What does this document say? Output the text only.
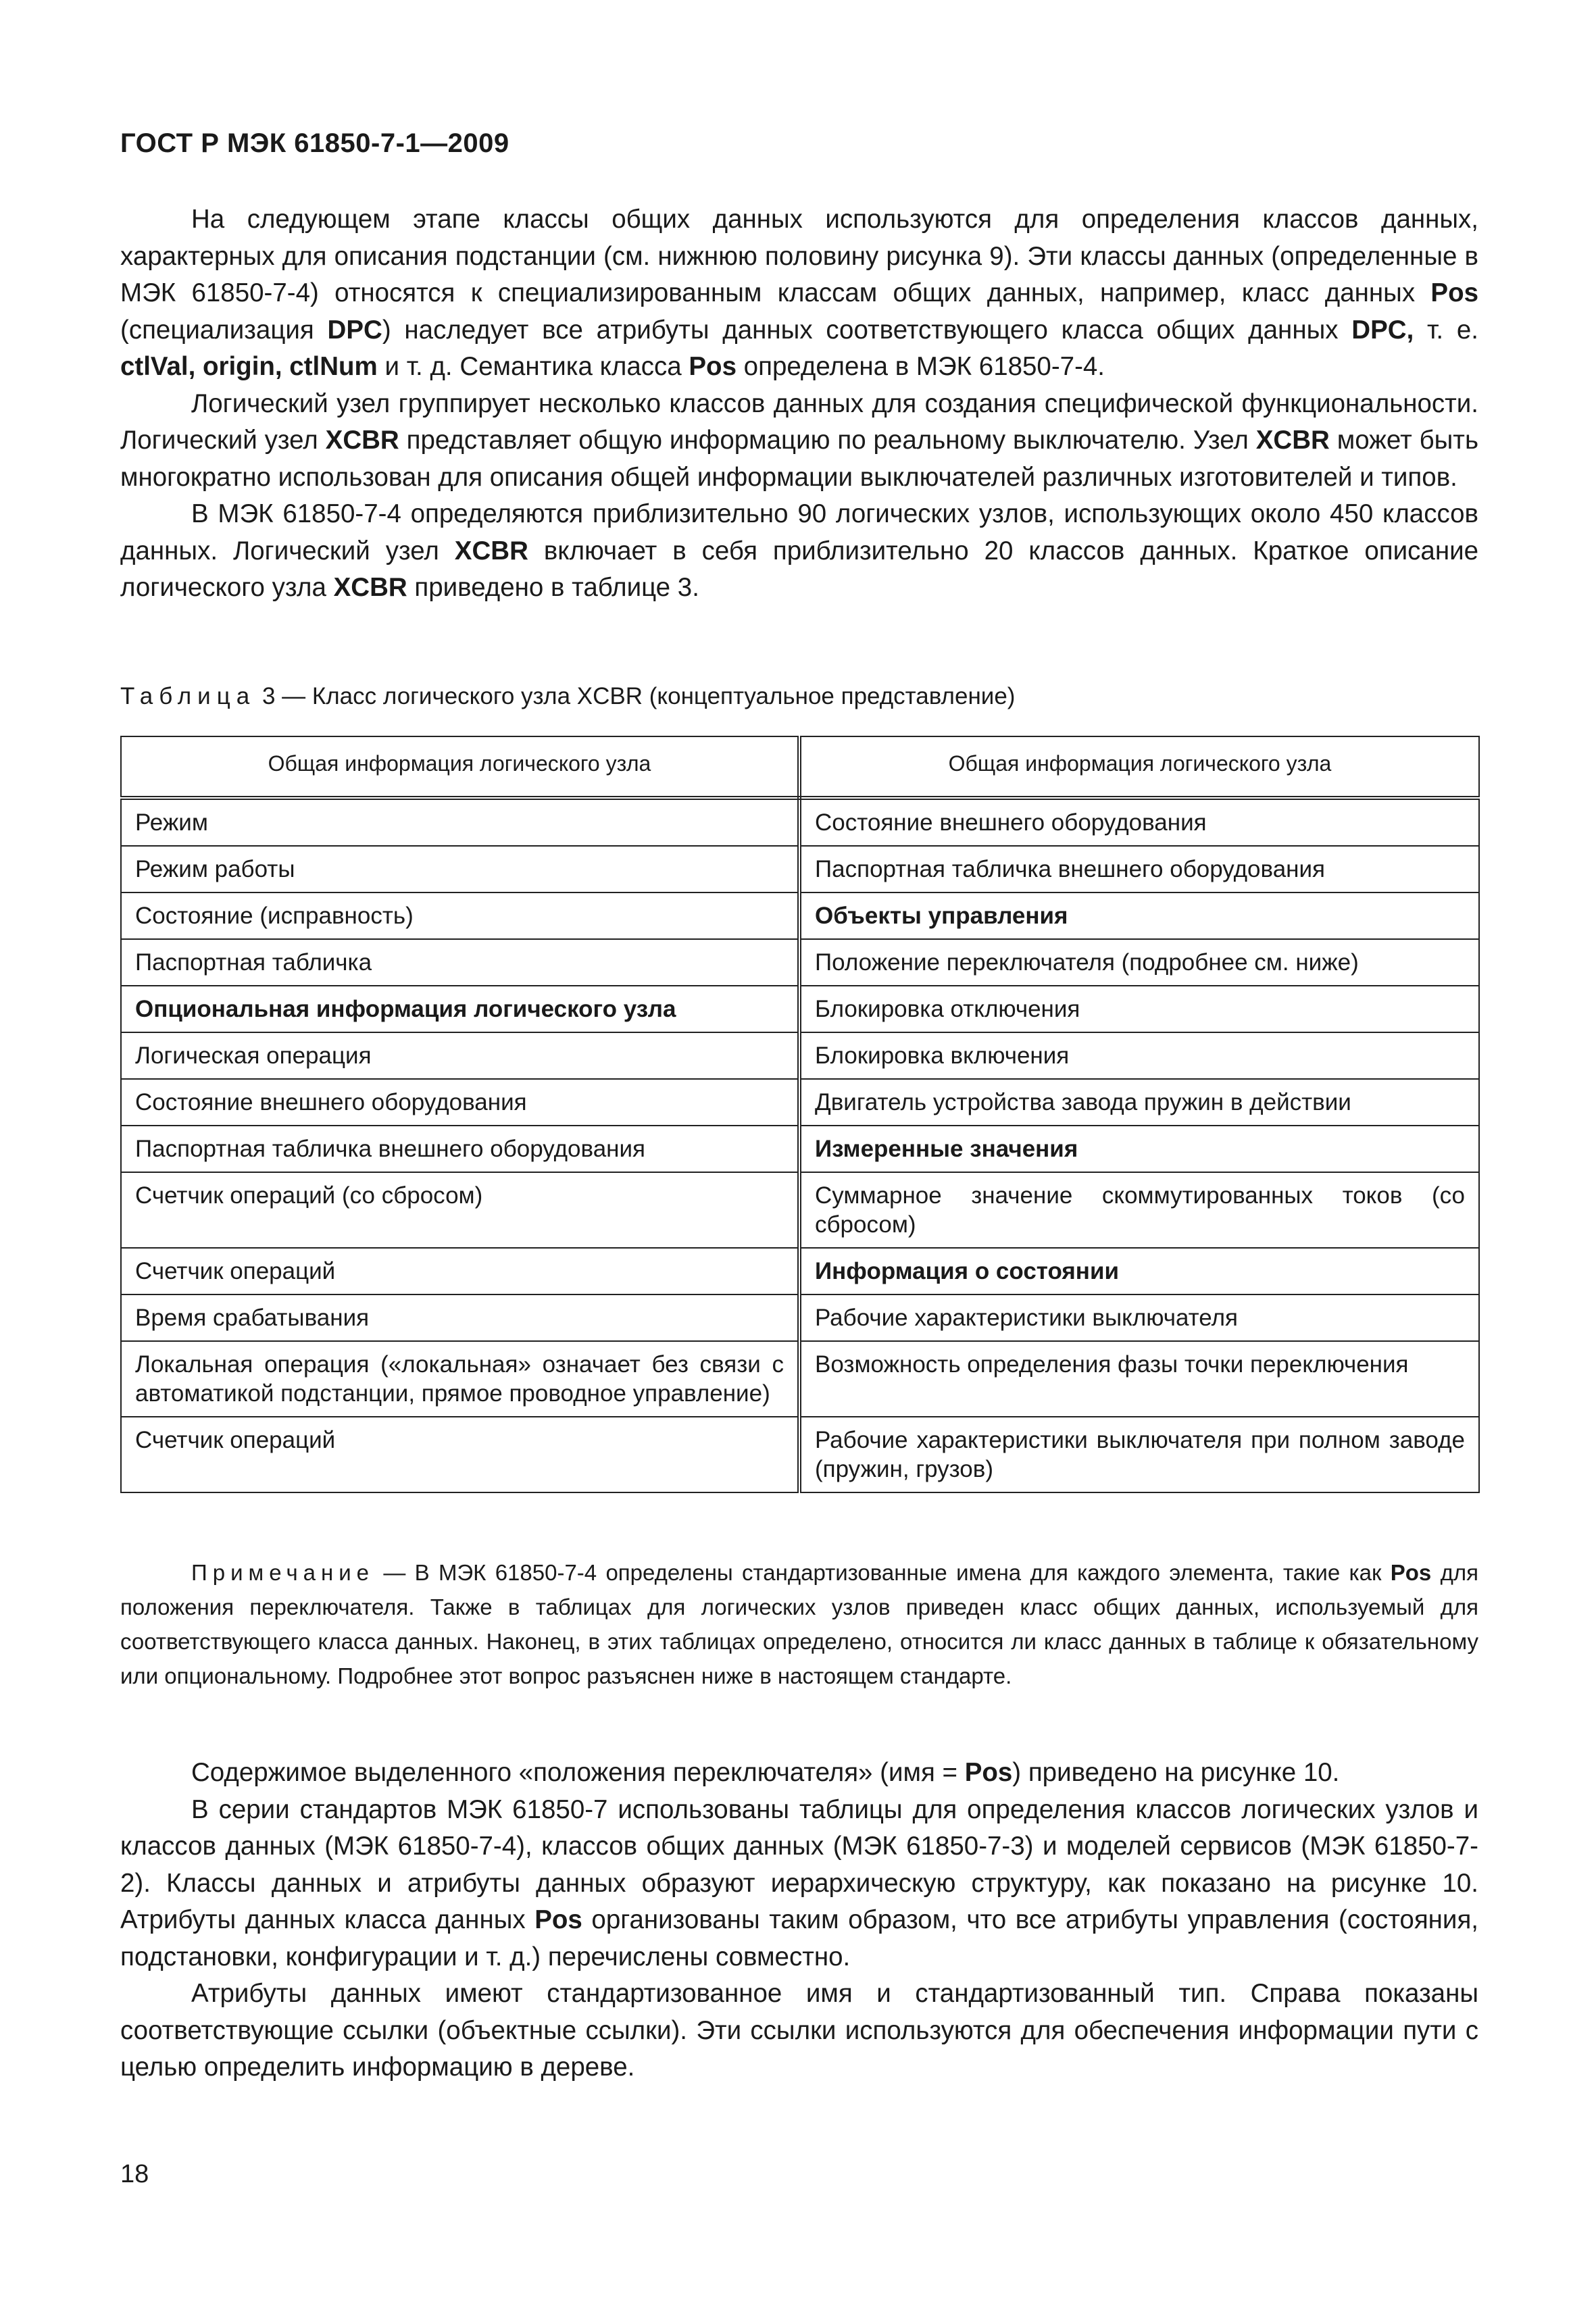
ГОСТ Р МЭК 61850-7-1—2009

На следующем этапе классы общих данных используются для определения классов данных, характерных для описания подстанции (см. нижнюю половину рисунка 9). Эти классы данных (определенные в МЭК 61850-7-4) относятся к специализированным классам общих данных, например, класс данных Pos (специализация DPC) наследует все атрибуты данных соответствующего класса общих данных DPC, т. е. ctlVal, origin, ctlNum и т. д. Семантика класса Pos определена в МЭК 61850-7-4.

Логический узел группирует несколько классов данных для создания специфической функциональности. Логический узел XCBR представляет общую информацию по реальному выключателю. Узел XCBR может быть многократно использован для описания общей информации выключателей различных изготовителей и типов.

В МЭК 61850-7-4 определяются приблизительно 90 логических узлов, использующих около 450 классов данных. Логический узел XCBR включает в себя приблизительно 20 классов данных. Краткое описание логического узла XCBR приведено в таблице 3.

Таблица 3 — Класс логического узла XCBR (концептуальное представление)
Общая информация логического узла	Общая информация логического узла
Режим	Состояние внешнего оборудования
Режим работы	Паспортная табличка внешнего оборудования
Состояние (исправность)	Объекты управления
Паспортная табличка	Положение переключателя (подробнее см. ниже)
Опциональная информация логического узла	Блокировка отключения
Логическая операция	Блокировка включения
Состояние внешнего оборудования	Двигатель устройства завода пружин в действии
Паспортная табличка внешнего оборудования	Измеренные значения
Счетчик операций (со сбросом)	Суммарное значение скоммутированных токов (со сбросом)
Счетчик операций	Информация о состоянии
Время срабатывания	Рабочие характеристики выключателя
Локальная операция («локальная» означает без связи с автоматикой подстанции, прямое проводное управление)	Возможность определения фазы точки переключения
Счетчик операций	Рабочие характеристики выключателя при полном заводе (пружин, грузов)

Примечание — В МЭК 61850-7-4 определены стандартизованные имена для каждого элемента, такие как Pos для положения переключателя. Также в таблицах для логических узлов приведен класс общих данных, используемый для соответствующего класса данных. Наконец, в этих таблицах определено, относится ли класс данных в таблице к обязательному или опциональному. Подробнее этот вопрос разъяснен ниже в настоящем стандарте.

Содержимое выделенного «положения переключателя» (имя = Pos) приведено на рисунке 10.

В серии стандартов МЭК 61850-7 использованы таблицы для определения классов логических узлов и классов данных (МЭК 61850-7-4), классов общих данных (МЭК 61850-7-3) и моделей сервисов (МЭК 61850-7-2). Классы данных и атрибуты данных образуют иерархическую структуру, как показано на рисунке 10. Атрибуты данных класса данных Pos организованы таким образом, что все атрибуты управления (состояния, подстановки, конфигурации и т. д.) перечислены совместно.

Атрибуты данных имеют стандартизованное имя и стандартизованный тип. Справа показаны соответствующие ссылки (объектные ссылки). Эти ссылки используются для обеспечения информации пути с целью определить информацию в дереве.

18
